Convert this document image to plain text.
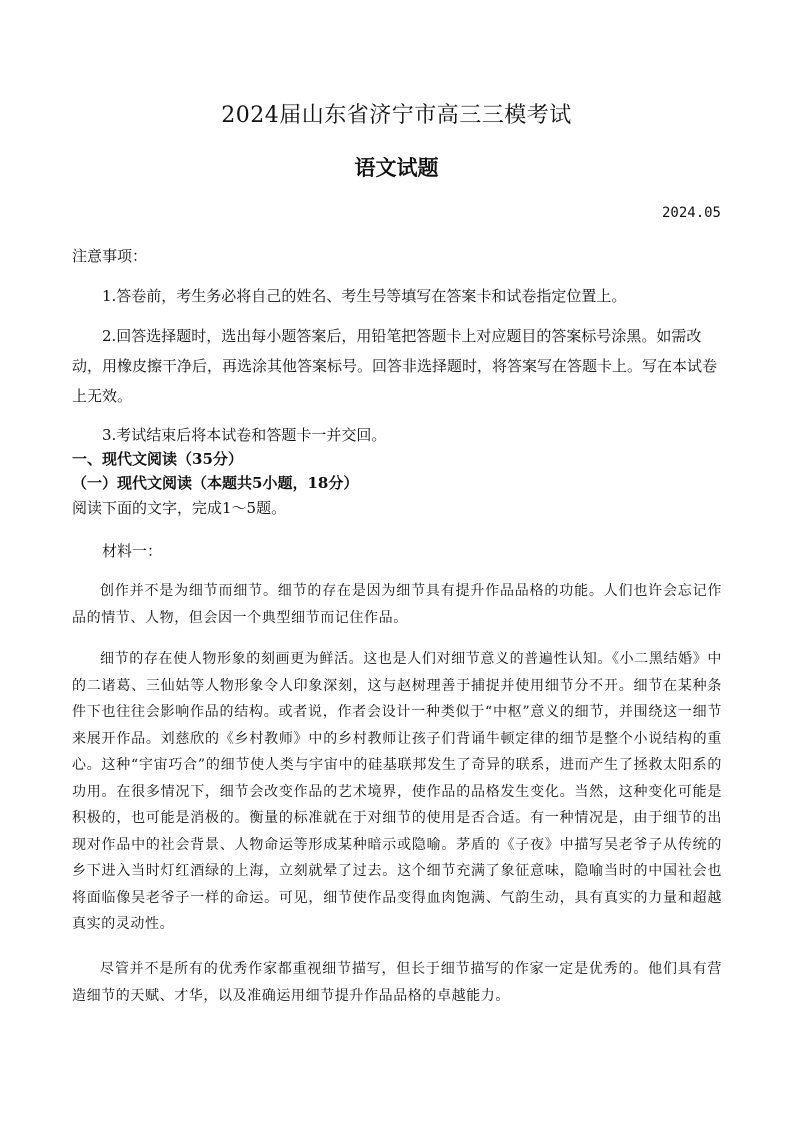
2024届山东省济宁市高三三模考试
语文试题
2024.05
注意事项：

1.答卷前，考生务必将自己的姓名、考生号等填写在答案卡和试卷指定位置上。

2.回答选择题时，选出每小题答案后，用铅笔把答题卡上对应题目的答案标号涂黑。如需改动，用橡皮擦干净后，再选涂其他答案标号。回答非选择题时，将答案写在答题卡上。写在本试卷上无效。

3.考试结束后将本试卷和答题卡一并交回。

一、现代文阅读（35分）
（一）现代文阅读（本题共5小题，18分）
阅读下面的文字，完成1～5题。
材料一：

创作并不是为细节而细节。细节的存在是因为细节具有提升作品品格的功能。人们也许会忘记作品的情节、人物，但会因一个典型细节而记住作品。

细节的存在使人物形象的刻画更为鲜活。这也是人们对细节意义的普遍性认知。《小二黑结婚》中的二诸葛、三仙姑等人物形象令人印象深刻，这与赵树理善于捕捉并使用细节分不开。细节在某种条件下也往往会影响作品的结构。或者说，作者会设计一种类似于“中枢”意义的细节，并围绕这一细节来展开作品。刘慈欣的《乡村教师》中的乡村教师让孩子们背诵牛顿定律的细节是整个小说结构的重心。这种“宇宙巧合”的细节使人类与宇宙中的硅基联邦发生了奇异的联系，进而产生了拯救太阳系的功用。在很多情况下，细节会改变作品的艺术境界，使作品的品格发生变化。当然，这种变化可能是积极的，也可能是消极的。衡量的标准就在于对细节的使用是否合适。有一种情况是，由于细节的出现对作品中的社会背景、人物命运等形成某种暗示或隐喻。茅盾的《子夜》中描写吴老爷子从传统的乡下进入当时灯红酒绿的上海，立刻就晕了过去。这个细节充满了象征意味，隐喻当时的中国社会也将面临像吴老爷子一样的命运。可见，细节使作品变得血肉饱满、气韵生动，具有真实的力量和超越真实的灵动性。

尽管并不是所有的优秀作家都重视细节描写，但长于细节描写的作家一定是优秀的。他们具有营造细节的天赋、才华，以及准确运用细节提升作品品格的卓越能力。
